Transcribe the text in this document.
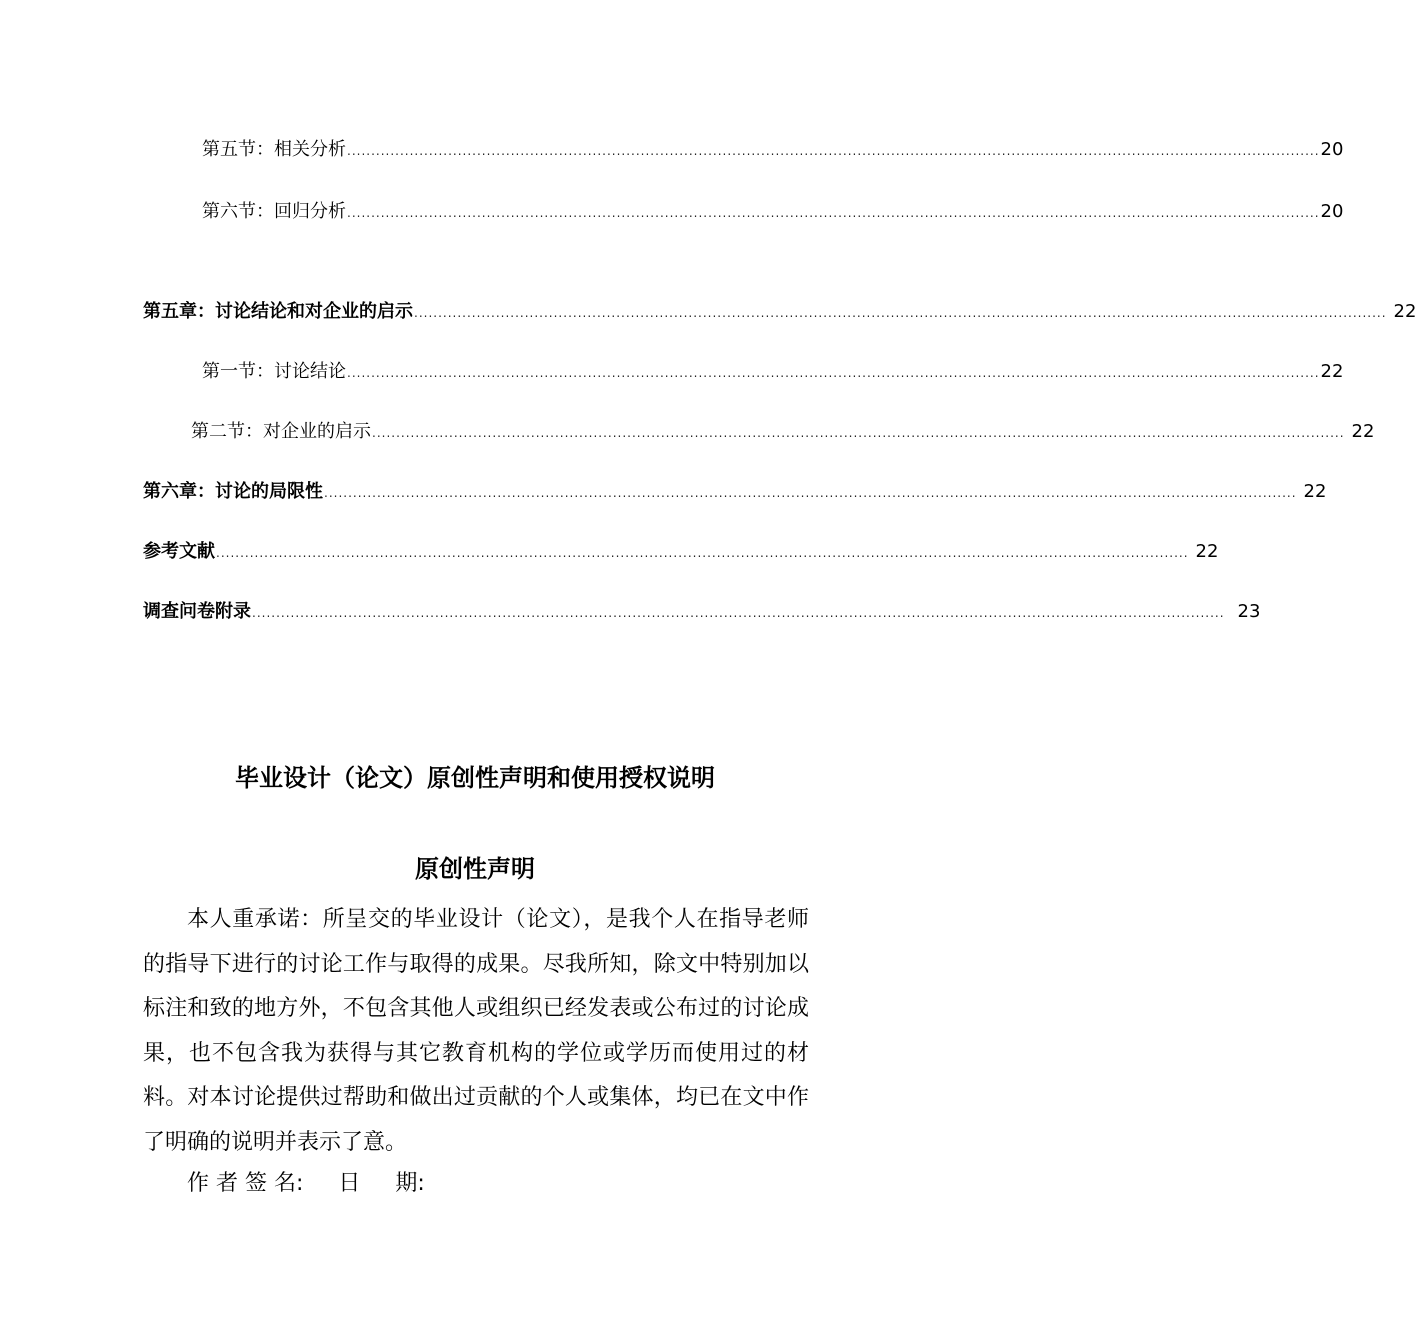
第五节：相关分析 .......................................................................................................................................................................................................... 20
第六节：回归分析 .......................................................................................................................................................................................................... 20
第五章：讨论结论和对企业的启示 .......................................................................................................................................................................................................... 22
第一节：讨论结论 .......................................................................................................................................................................................................... 22
第二节：对企业的启示 .......................................................................................................................................................................................................... 22
第六章：讨论的局限性 .......................................................................................................................................................................................................... 22
参考文献 .......................................................................................................................................................................................................... 22
调查问卷附录 .......................................................................................................................................................................................................... 23
毕业设计（论文）原创性声明和使用授权说明
原创性声明
本人重承诺：所呈交的毕业设计（论文），是我个人在指导老师的指导下进行的讨论工作与取得的成果。尽我所知，除文中特别加以标注和致的地方外，不包含其他人或组织已经发表或公布过的讨论成果，也不包含我为获得与其它教育机构的学位或学历而使用过的材料。对本讨论提供过帮助和做出过贡献的个人或集体，均已在文中作了明确的说明并表示了意。
作 者 签 名:     日     期:
